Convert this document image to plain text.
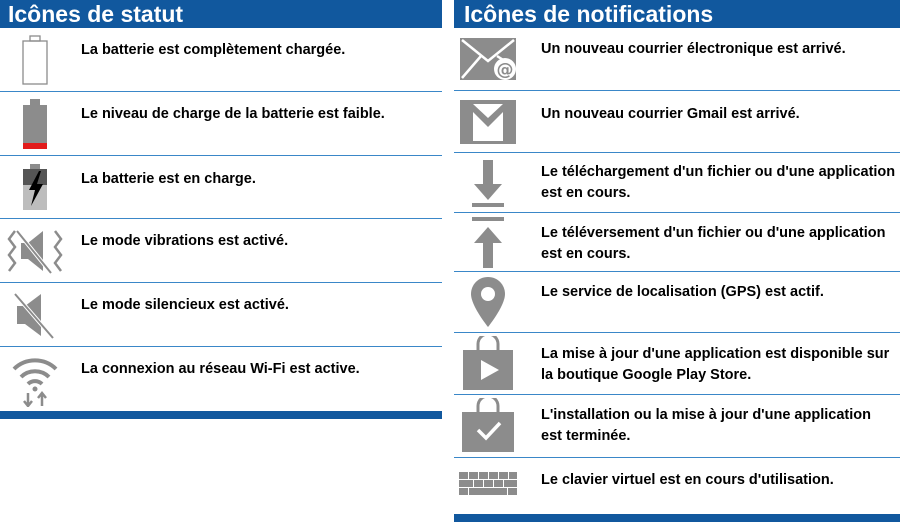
Icônes de statut
La batterie est complètement chargée.
Le niveau de charge de la batterie est faible.
La batterie est en charge.
Le mode vibrations est activé.
Le mode silencieux est activé.
La connexion au réseau Wi-Fi est active.
Icônes de notifications
@
Un nouveau courrier électronique est arrivé.
Un nouveau courrier Gmail est arrivé.
Le téléchargement d'un fichier ou d'une application
est en cours.
Le téléversement d'un fichier ou d'une application
est en cours.
Le service de localisation (GPS) est actif.
La mise à jour d'une application est disponible sur
la boutique Google Play Store.
L'installation ou la mise à jour d'une application
est terminée.
Le clavier virtuel est en cours d'utilisation.
